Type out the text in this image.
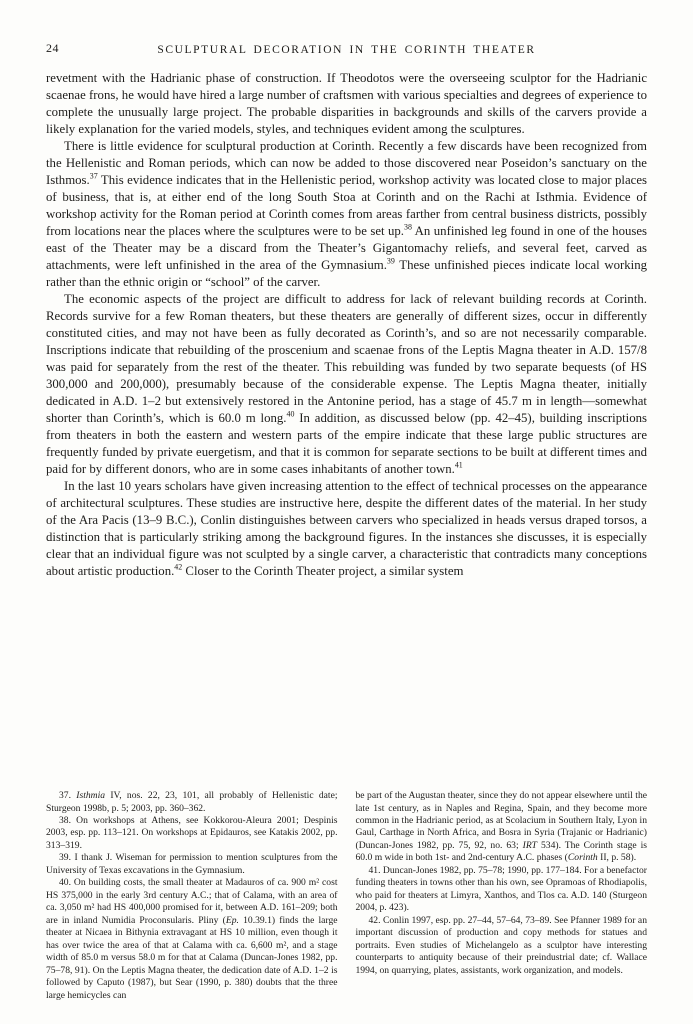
24	SCULPTURAL DECORATION IN THE CORINTH THEATER

revetment with the Hadrianic phase of construction. If Theodotos were the overseeing sculptor for the Hadrianic scaenae frons, he would have hired a large number of craftsmen with various specialties and degrees of experience to complete the unusually large project. The probable disparities in backgrounds and skills of the carvers provide a likely explanation for the varied models, styles, and techniques evident among the sculptures.

There is little evidence for sculptural production at Corinth. Recently a few discards have been recognized from the Hellenistic and Roman periods, which can now be added to those discovered near Poseidon’s sanctuary on the Isthmos.$^{37}$ This evidence indicates that in the Hellenistic period, workshop activity was located close to major places of business, that is, at either end of the long South Stoa at Corinth and on the Rachi at Isthmia. Evidence of workshop activity for the Roman period at Corinth comes from areas farther from central business districts, possibly from locations near the places where the sculptures were to be set up.$^{38}$ An unfinished leg found in one of the houses east of the Theater may be a discard from the Theater’s Gigantomachy reliefs, and several feet, carved as attachments, were left unfinished in the area of the Gymnasium.$^{39}$ These unfinished pieces indicate local working rather than the ethnic origin or “school” of the carver.

The economic aspects of the project are difficult to address for lack of relevant building records at Corinth. Records survive for a few Roman theaters, but these theaters are generally of different sizes, occur in differently constituted cities, and may not have been as fully decorated as Corinth’s, and so are not necessarily comparable. Inscriptions indicate that rebuilding of the proscenium and scaenae frons of the Leptis Magna theater in A.D. 157/8 was paid for separately from the rest of the theater. This rebuilding was funded by two separate bequests (of HS 300,000 and 200,000), presumably because of the considerable expense. The Leptis Magna theater, initially dedicated in A.D. 1–2 but extensively restored in the Antonine period, has a stage of 45.7 m in length—somewhat shorter than Corinth’s, which is 60.0 m long.$^{40}$ In addition, as discussed below (pp. 42–45), building inscriptions from theaters in both the eastern and western parts of the empire indicate that these large public structures are frequently funded by private euergetism, and that it is common for separate sections to be built at different times and paid for by different donors, who are in some cases inhabitants of another town.$^{41}$

In the last 10 years scholars have given increasing attention to the effect of technical processes on the appearance of architectural sculptures. These studies are instructive here, despite the different dates of the material. In her study of the Ara Pacis (13–9 B.C.), Conlin distinguishes between carvers who specialized in heads versus draped torsos, a distinction that is particularly striking among the background figures. In the instances she discusses, it is especially clear that an individual figure was not sculpted by a single carver, a characteristic that contradicts many conceptions about artistic production.$^{42}$ Closer to the Corinth Theater project, a similar system

37. Isthmia IV, nos. 22, 23, 101, all probably of Hellenistic date; Sturgeon 1998b, p. 5; 2003, pp. 360–362.

38. On workshops at Athens, see Kokkorou-Aleura 2001; Despinis 2003, esp. pp. 113–121. On workshops at Epidauros, see Katakis 2002, pp. 313–319.

39. I thank J. Wiseman for permission to mention sculptures from the University of Texas excavations in the Gymnasium.

40. On building costs, the small theater at Madauros of ca. 900 m² cost HS 375,000 in the early 3rd century A.C.; that of Calama, with an area of ca. 3,050 m² had HS 400,000 promised for it, between A.D. 161–209; both are in inland Numidia Proconsularis. Pliny (Ep. 10.39.1) finds the large theater at Nicaea in Bithynia extravagant at HS 10 million, even though it has over twice the area of that at Calama with ca. 6,600 m², and a stage width of 85.0 m versus 58.0 m for that at Calama (Duncan-Jones 1982, pp. 75–78, 91). On the Leptis Magna theater, the dedication date of A.D. 1–2 is followed by Caputo (1987), but Sear (1990, p. 380) doubts that the three large hemicycles can

be part of the Augustan theater, since they do not appear elsewhere until the late 1st century, as in Naples and Regina, Spain, and they become more common in the Hadrianic period, as at Scolacium in Southern Italy, Lyon in Gaul, Carthage in North Africa, and Bosra in Syria (Trajanic or Hadrianic) (Duncan-Jones 1982, pp. 75, 92, no. 63; IRT 534). The Corinth stage is 60.0 m wide in both 1st- and 2nd-century A.C. phases (Corinth II, p. 58).

41. Duncan-Jones 1982, pp. 75–78; 1990, pp. 177–184. For a benefactor funding theaters in towns other than his own, see Opramoas of Rhodiapolis, who paid for theaters at Limyra, Xanthos, and Tlos ca. A.D. 140 (Sturgeon 2004, p. 423).

42. Conlin 1997, esp. pp. 27–44, 57–64, 73–89. See Pfanner 1989 for an important discussion of production and copy methods for statues and portraits. Even studies of Michelangelo as a sculptor have interesting counterparts to antiquity because of their preindustrial date; cf. Wallace 1994, on quarrying, plates, assistants, work organization, and models.
